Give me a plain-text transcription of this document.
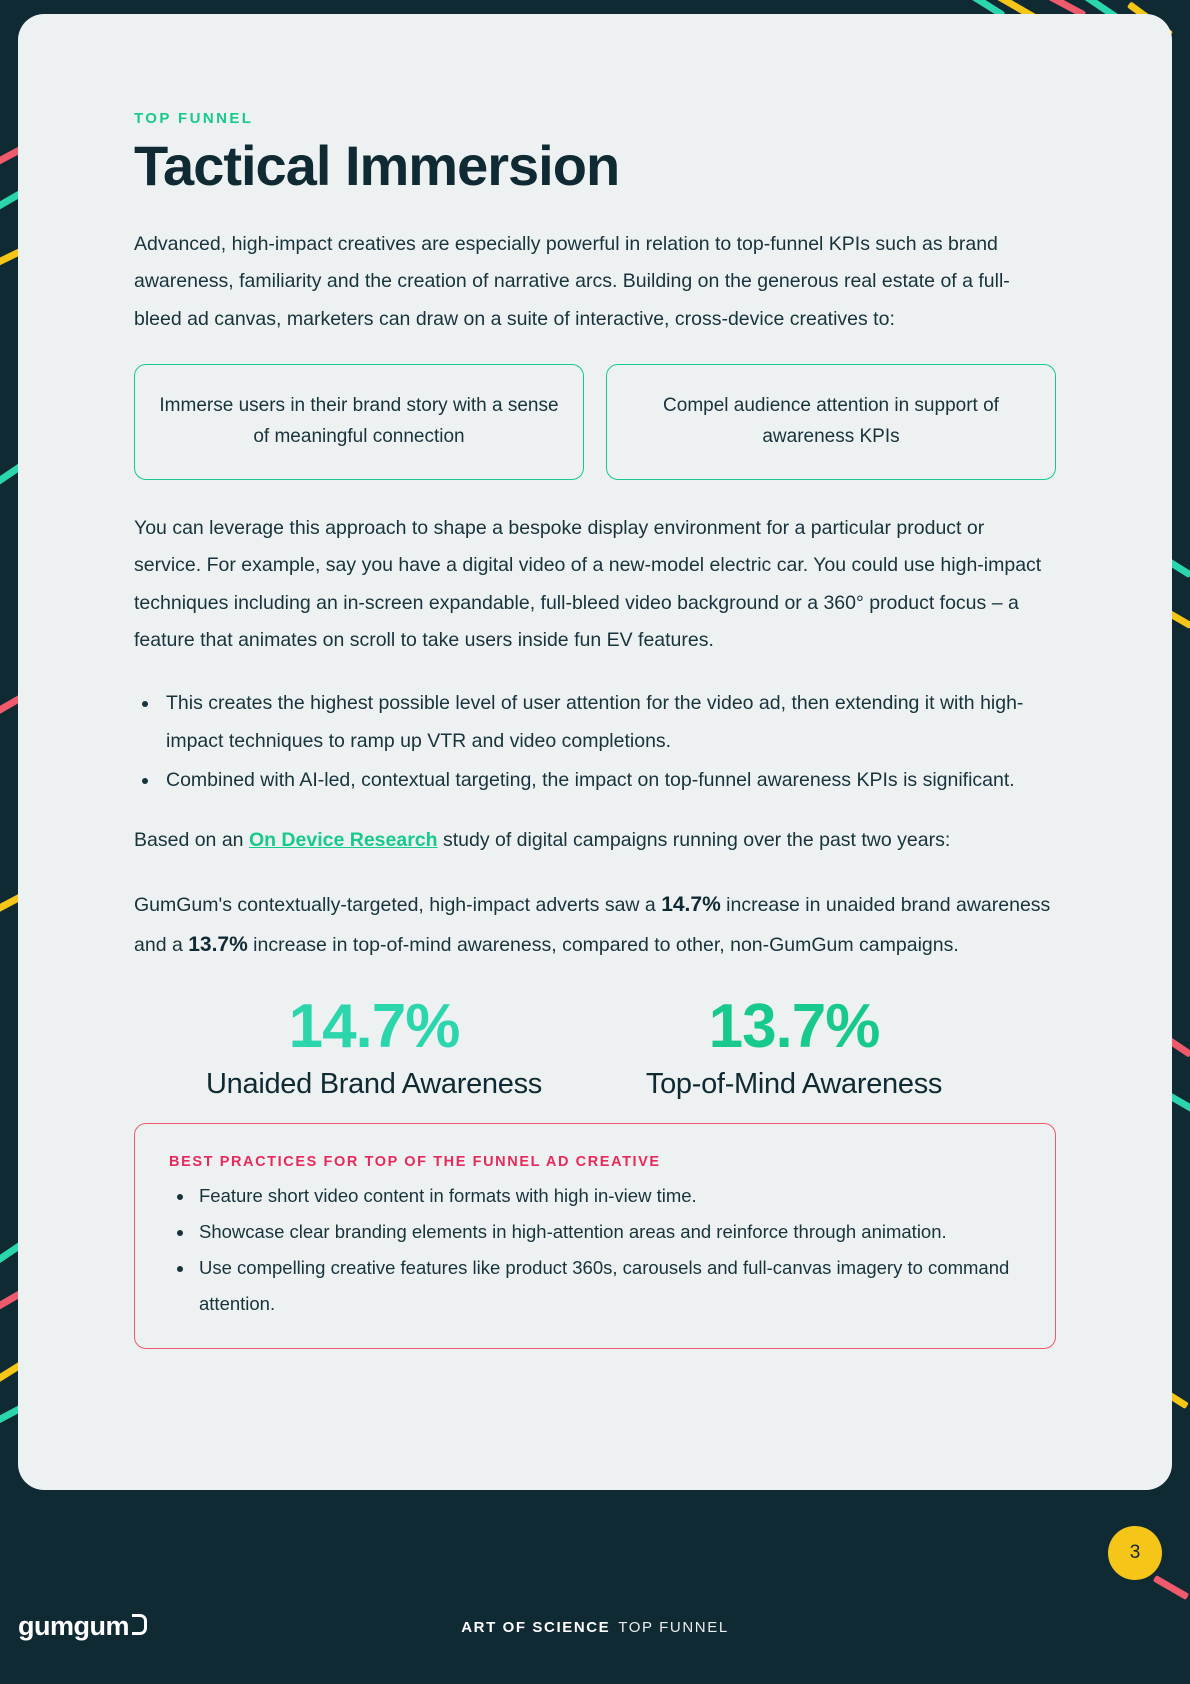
TOP FUNNEL
Tactical Immersion

Advanced, high-impact creatives are especially powerful in relation to top-funnel KPIs such as brand awareness, familiarity and the creation of narrative arcs. Building on the generous real estate of a full-bleed ad canvas, marketers can draw on a suite of interactive, cross-device creatives to:

Immerse users in their brand story with a sense of meaningful connection
Compel audience attention in support of awareness KPIs

You can leverage this approach to shape a bespoke display environment for a particular product or service. For example, say you have a digital video of a new-model electric car. You could use high-impact techniques including an in-screen expandable, full-bleed video background or a 360° product focus – a feature that animates on scroll to take users inside fun EV features.

• This creates the highest possible level of user attention for the video ad, then extending it with high-impact techniques to ramp up VTR and video completions.
• Combined with AI-led, contextual targeting, the impact on top-funnel awareness KPIs is significant.

Based on an On Device Research study of digital campaigns running over the past two years:

GumGum's contextually-targeted, high-impact adverts saw a 14.7% increase in unaided brand awareness and a 13.7% increase in top-of-mind awareness, compared to other, non-GumGum campaigns.

14.7%
Unaided Brand Awareness
13.7%
Top-of-Mind Awareness
BEST PRACTICES FOR TOP OF THE FUNNEL AD CREATIVE
• Feature short video content in formats with high in-view time.
• Showcase clear branding elements in high-attention areas and reinforce through animation.
• Use compelling creative features like product 360s, carousels and full-canvas imagery to command attention.
gumgum	ART OF SCIENCE TOP FUNNEL
3
